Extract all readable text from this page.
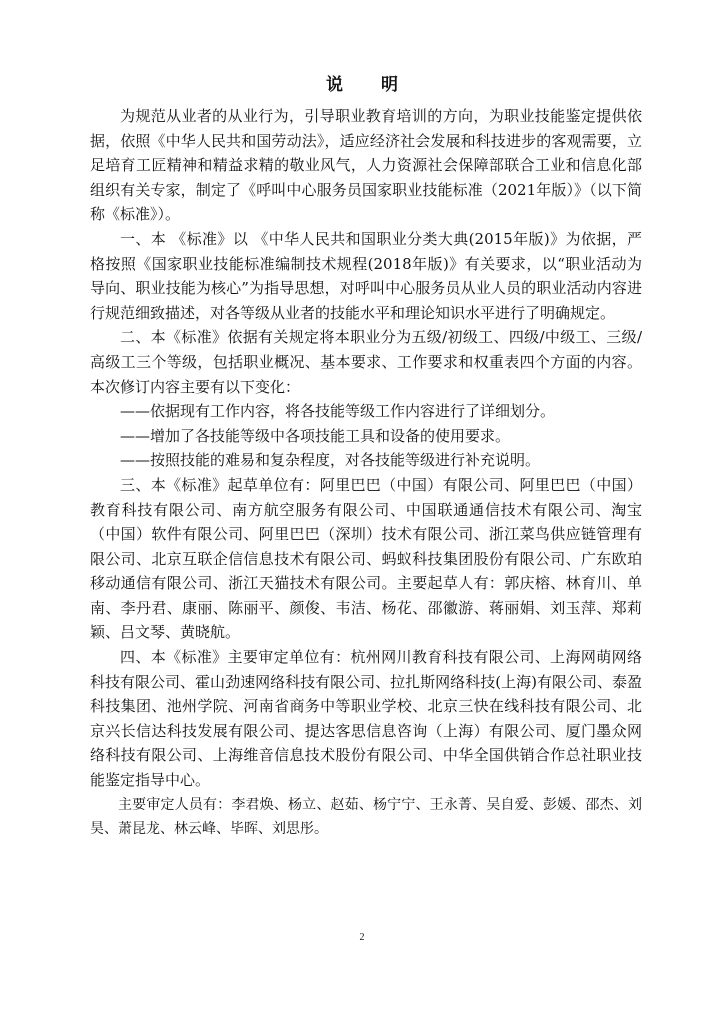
说 明

为规范从业者的从业行为，引导职业教育培训的方向，为职业技能鉴定提供依据，依照《中华人民共和国劳动法》，适应经济社会发展和科技进步的客观需要，立足培育工匠精神和精益求精的敬业风气，人力资源社会保障部联合工业和信息化部组织有关专家，制定了《呼叫中心服务员国家职业技能标准（2021年版）》（以下简称《标准》）。

一、本 《标准》以 《中华人民共和国职业分类大典(2015年版)》为依据，严格按照《国家职业技能标准编制技术规程(2018年版)》有关要求，以“职业活动为导向、职业技能为核心”为指导思想，对呼叫中心服务员从业人员的职业活动内容进行规范细致描述，对各等级从业者的技能水平和理论知识水平进行了明确规定。

二、本《标准》依据有关规定将本职业分为五级/初级工、四级/中级工、三级/高级工三个等级，包括职业概况、基本要求、工作要求和权重表四个方面的内容。本次修订内容主要有以下变化：

——依据现有工作内容，将各技能等级工作内容进行了详细划分。

——增加了各技能等级中各项技能工具和设备的使用要求。

——按照技能的难易和复杂程度，对各技能等级进行补充说明。

三、本《标准》起草单位有：阿里巴巴（中国）有限公司、阿里巴巴（中国）教育科技有限公司、南方航空服务有限公司、中国联通通信技术有限公司、淘宝（中国）软件有限公司、阿里巴巴（深圳）技术有限公司、浙江菜鸟供应链管理有限公司、北京互联企信信息技术有限公司、蚂蚁科技集团股份有限公司、广东欧珀移动通信有限公司、浙江天猫技术有限公司。主要起草人有：郭庆榕、林育川、单南、李丹君、康丽、陈丽平、颜俊、韦洁、杨花、邵徽游、蒋丽娟、刘玉萍、郑莉颖、吕文琴、黄晓航。

四、本《标准》主要审定单位有：杭州网川教育科技有限公司、上海网萌网络科技有限公司、霍山劲速网络科技有限公司、拉扎斯网络科技(上海)有限公司、泰盈科技集团、池州学院、河南省商务中等职业学校、北京三快在线科技有限公司、北京兴长信达科技发展有限公司、提达客思信息咨询（上海）有限公司、厦门墨众网络科技有限公司、上海维音信息技术股份有限公司、中华全国供销合作总社职业技能鉴定指导中心。

主要审定人员有：李君焕、杨立、赵茹、杨宁宁、王永菁、吴自爱、彭媛、邵杰、刘昊、萧昆龙、林云峰、毕晖、刘思彤。

2
